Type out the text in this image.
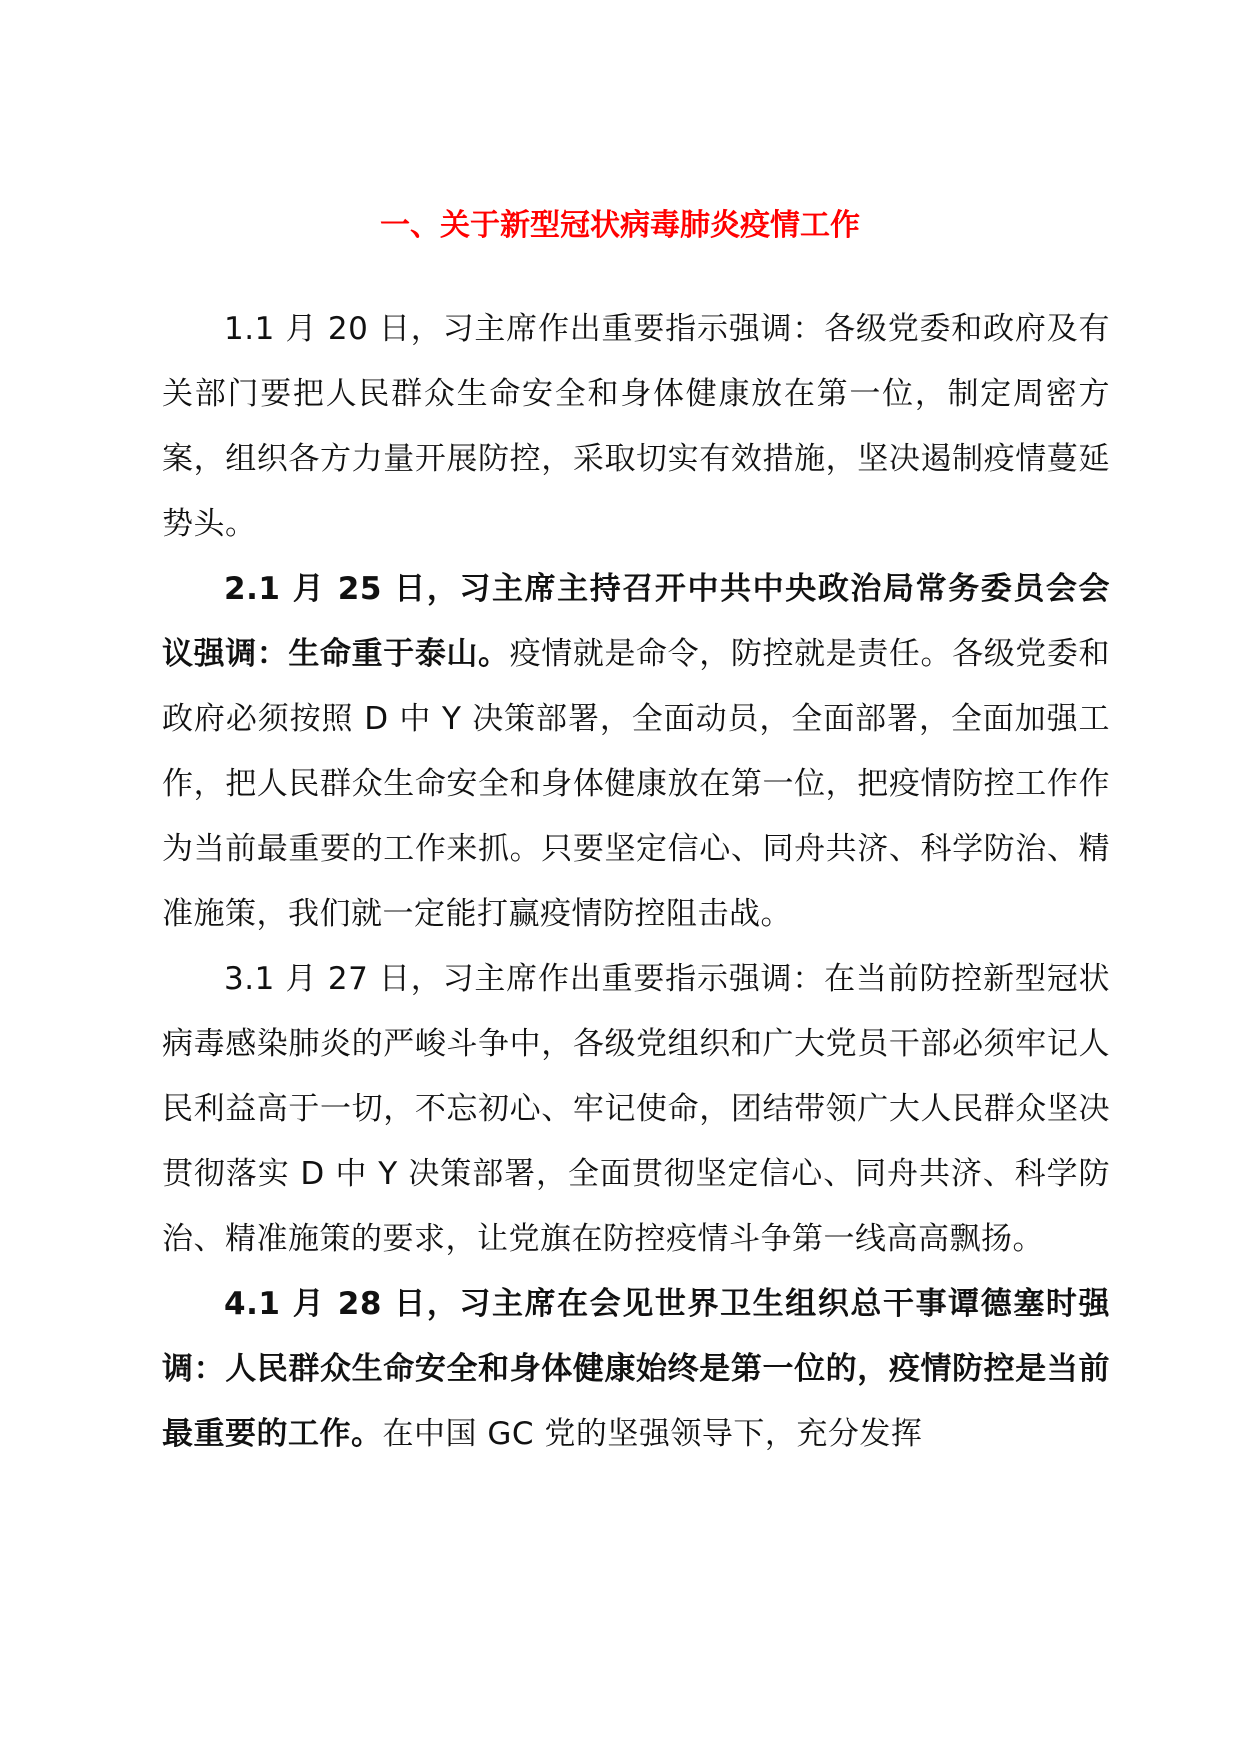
一、关于新型冠状病毒肺炎疫情工作

1.1 月 20 日，习主席作出重要指示强调：各级党委和政府及有关部门要把人民群众生命安全和身体健康放在第一位，制定周密方案，组织各方力量开展防控，采取切实有效措施，坚决遏制疫情蔓延势头。

2.1 月 25 日，习主席主持召开中共中央政治局常务委员会会议强调：生命重于泰山。疫情就是命令，防控就是责任。各级党委和政府必须按照 D 中 Y 决策部署，全面动员，全面部署，全面加强工作，把人民群众生命安全和身体健康放在第一位，把疫情防控工作作为当前最重要的工作来抓。只要坚定信心、同舟共济、科学防治、精准施策，我们就一定能打赢疫情防控阻击战。

3.1 月 27 日，习主席作出重要指示强调：在当前防控新型冠状病毒感染肺炎的严峻斗争中，各级党组织和广大党员干部必须牢记人民利益高于一切，不忘初心、牢记使命，团结带领广大人民群众坚决贯彻落实 D 中 Y 决策部署，全面贯彻坚定信心、同舟共济、科学防治、精准施策的要求，让党旗在防控疫情斗争第一线高高飘扬。

4.1 月 28 日，习主席在会见世界卫生组织总干事谭德塞时强调：人民群众生命安全和身体健康始终是第一位的，疫情防控是当前最重要的工作。在中国 GC 党的坚强领导下，充分发挥
